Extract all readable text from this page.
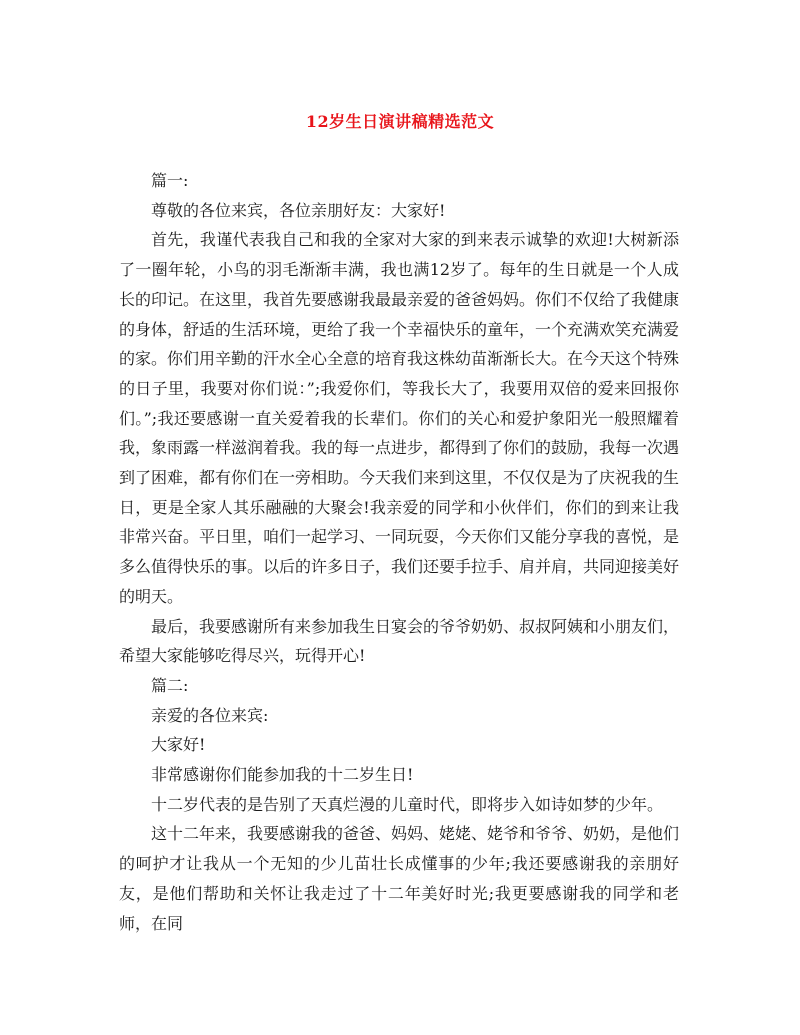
12岁生日演讲稿精选范文

篇一:

尊敬的各位来宾，各位亲朋好友：大家好!

首先，我谨代表我自己和我的全家对大家的到来表示诚挚的欢迎!大树新添了一圈年轮，小鸟的羽毛渐渐丰满，我也满12岁了。每年的生日就是一个人成长的印记。在这里，我首先要感谢我最最亲爱的爸爸妈妈。你们不仅给了我健康的身体，舒适的生活环境，更给了我一个幸福快乐的童年，一个充满欢笑充满爱的家。你们用辛勤的汗水全心全意的培育我这株幼苗渐渐长大。在今天这个特殊的日子里，我要对你们说：”;我爱你们，等我长大了，我要用双倍的爱来回报你们。”;我还要感谢一直关爱着我的长辈们。你们的关心和爱护象阳光一般照耀着我，象雨露一样滋润着我。我的每一点进步，都得到了你们的鼓励，我每一次遇到了困难，都有你们在一旁相助。今天我们来到这里，不仅仅是为了庆祝我的生日，更是全家人其乐融融的大聚会!我亲爱的同学和小伙伴们，你们的到来让我非常兴奋。平日里，咱们一起学习、一同玩耍，今天你们又能分享我的喜悦，是多么值得快乐的事。以后的许多日子，我们还要手拉手、肩并肩，共同迎接美好的明天。

最后，我要感谢所有来参加我生日宴会的爷爷奶奶、叔叔阿姨和小朋友们，希望大家能够吃得尽兴，玩得开心!

篇二:

亲爱的各位来宾:

大家好!

非常感谢你们能参加我的十二岁生日!

十二岁代表的是告别了天真烂漫的儿童时代，即将步入如诗如梦的少年。

这十二年来，我要感谢我的爸爸、妈妈、姥姥、姥爷和爷爷、奶奶，是他们的呵护才让我从一个无知的少儿苗壮长成懂事的少年;我还要感谢我的亲朋好友，是他们帮助和关怀让我走过了十二年美好时光;我更要感谢我的同学和老师，在同
